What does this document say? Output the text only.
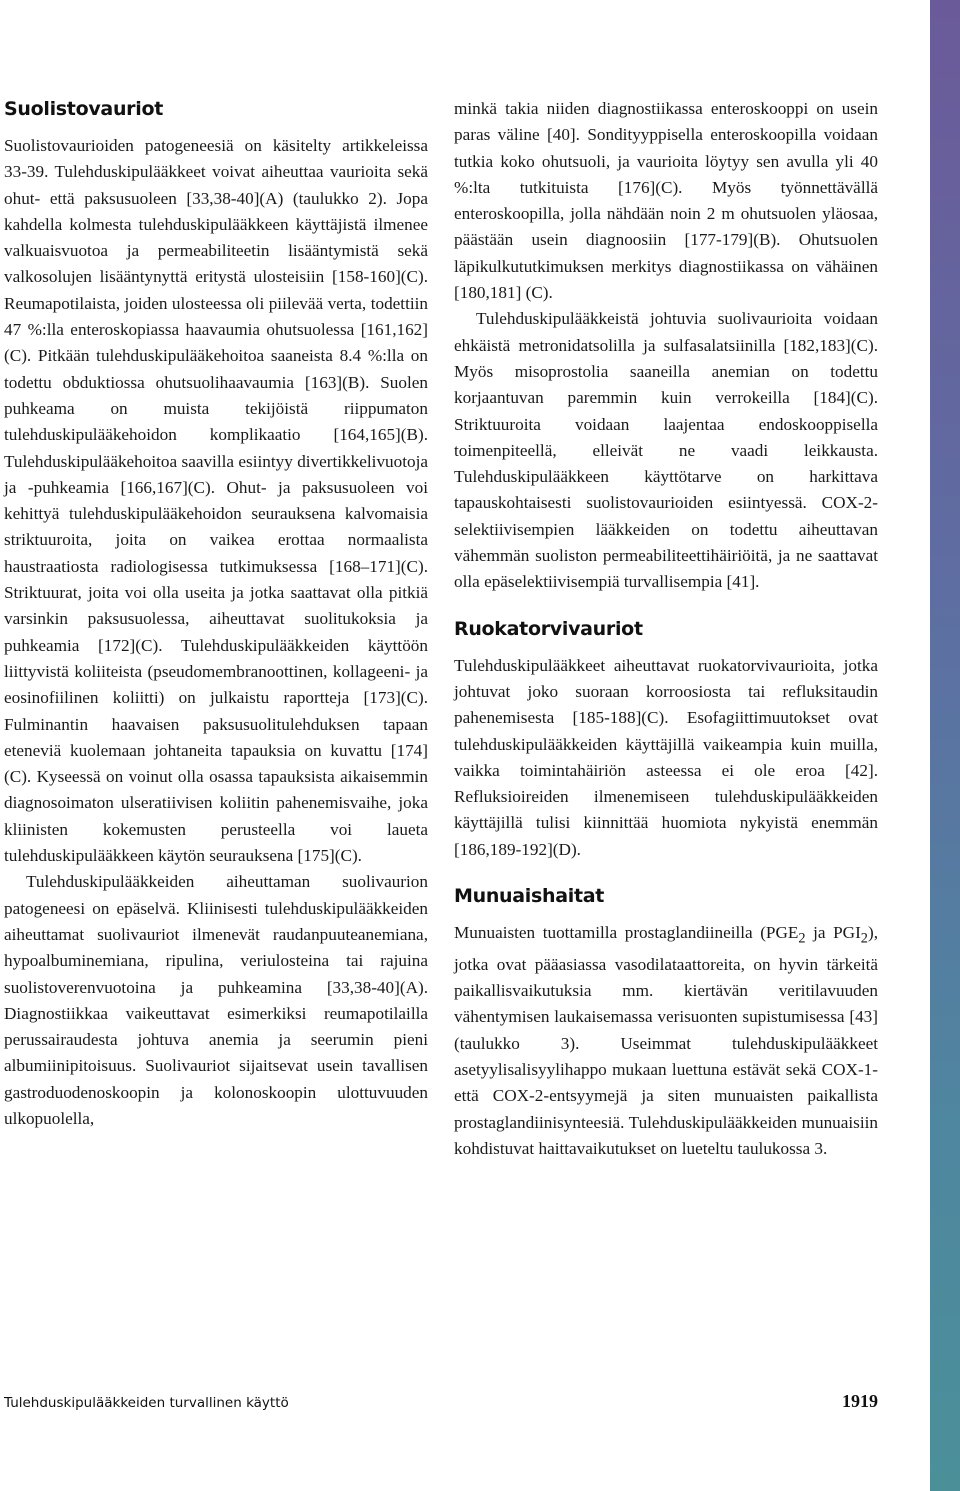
Suolistovauriot

Suolistovaurioiden patogeneesiä on käsitelty artikkeleissa 33-39. Tulehduskipulääkkeet voivat aiheuttaa vaurioita sekä ohut- että paksusuoleen [33,38-40](A) (taulukko 2). Jopa kahdella kolmesta tulehduskipulääkkeen käyttäjistä ilmenee valkuaisvuotoa ja permeabiliteetin lisääntymistä sekä valkosolujen lisääntynyttä eritystä ulosteisiin [158-160](C). Reumapotilaista, joiden ulosteessa oli piilevää verta, todettiin 47 %:lla enteroskopiassa haavaumia ohutsuolessa [161,162](C). Pitkään tulehduskipulääkehoitoa saaneista 8.4 %:lla on todettu obduktiossa ohutsuolihaavaumia [163](B). Suolen puhkeama on muista tekijöistä riippumaton tulehduskipulääkehoidon komplikaatio [164,165](B). Tulehduskipulääkehoitoa saavilla esiintyy divertikkelivuotoja ja -puhkeamia [166,167](C). Ohut- ja paksusuoleen voi kehittyä tulehduskipulääkehoidon seurauksena kalvomaisia striktuuroita, joita on vaikea erottaa normaalista haustraatiosta radiologisessa tutkimuksessa [168–171](C). Striktuurat, joita voi olla useita ja jotka saattavat olla pitkiä varsinkin paksusuolessa, aiheuttavat suolitukoksia ja puhkeamia [172](C). Tulehduskipulääkkeiden käyttöön liittyvistä koliiteista (pseudomembranoottinen, kollageeni- ja eosinofiilinen koliitti) on julkaistu raportteja [173](C). Fulminantin haavaisen paksusuolitulehduksen tapaan eteneviä kuolemaan johtaneita tapauksia on kuvattu [174](C). Kyseessä on voinut olla osassa tapauksista aikaisemmin diagnosoimaton ulseratiivisen koliitin pahenemisvaihe, joka kliinisten kokemusten perusteella voi laueta tulehduskipulääkkeen käytön seurauksena [175](C).

Tulehduskipulääkkeiden aiheuttaman suolivaurion patogeneesi on epäselvä. Kliinisesti tulehduskipulääkkeiden aiheuttamat suolivauriot ilmenevät raudanpuuteanemiana, hypoalbuminemiana, ripulina, veriulosteina tai rajuina suolistoverenvuotoina ja puhkeamina [33,38-40](A). Diagnostiikkaa vaikeuttavat esimerkiksi reumapotilailla perussairaudesta johtuva anemia ja seerumin pieni albumiinipitoisuus. Suolivauriot sijaitsevat usein tavallisen gastroduodenoskoopin ja kolonoskoopin ulottuvuuden ulkopuolella,

minkä takia niiden diagnostiikassa enteroskooppi on usein paras väline [40]. Sondityyppisella enteroskoopilla voidaan tutkia koko ohutsuoli, ja vaurioita löytyy sen avulla yli 40 %:lta tutkituista [176](C). Myös työnnettävällä enteroskoopilla, jolla nähdään noin 2 m ohutsuolen yläosaa, päästään usein diagnoosiin [177-179](B). Ohutsuolen läpikulkututkimuksen merkitys diagnostiikassa on vähäinen [180,181] (C).

Tulehduskipulääkkeistä johtuvia suolivaurioita voidaan ehkäistä metronidatsolilla ja sulfasalatsiinilla [182,183](C). Myös misoprostolia saaneilla anemian on todettu korjaantuvan paremmin kuin verrokeilla [184](C). Striktuuroita voidaan laajentaa endoskooppisella toimenpiteellä, elleivät ne vaadi leikkausta. Tulehduskipulääkkeen käyttötarve on harkittava tapauskohtaisesti suolistovaurioiden esiintyessä. COX-2-selektiivisempien lääkkeiden on todettu aiheuttavan vähemmän suoliston permeabiliteettihäiriöitä, ja ne saattavat olla epäselektiivisempiä turvallisempia [41].

Ruokatorvivauriot

Tulehduskipulääkkeet aiheuttavat ruokatorvivaurioita, jotka johtuvat joko suoraan korroosiosta tai refluksitaudin pahenemisesta [185-188](C). Esofagiittimuutokset ovat tulehduskipulääkkeiden käyttäjillä vaikeampia kuin muilla, vaikka toimintahäiriön asteessa ei ole eroa [42]. Refluksioireiden ilmenemiseen tulehduskipulääkkeiden käyttäjillä tulisi kiinnittää huomiota nykyistä enemmän [186,189-192](D).

Munuaishaitat

Munuaisten tuottamilla prostaglandiineilla ($PGE_2$ ja $PGI_2$), jotka ovat pääasiassa vasodilataattoreita, on hyvin tärkeitä paikallisvaikutuksia mm. kiertävän veritilavuuden vähentymisen laukaisemassa verisuonten supistumisessa [43] (taulukko 3). Useimmat tulehduskipulääkkeet asetyylisalisyylihappo mukaan luettuna estävät sekä COX-1- että COX-2-entsyymejä ja siten munuaisten paikallista prostaglandiinisynteesiä. Tulehduskipulääkkeiden munuaisiin kohdistuvat haittavaikutukset on lueteltu taulukossa 3.

Tulehduskipulääkkeiden turvallinen käyttö	1919
